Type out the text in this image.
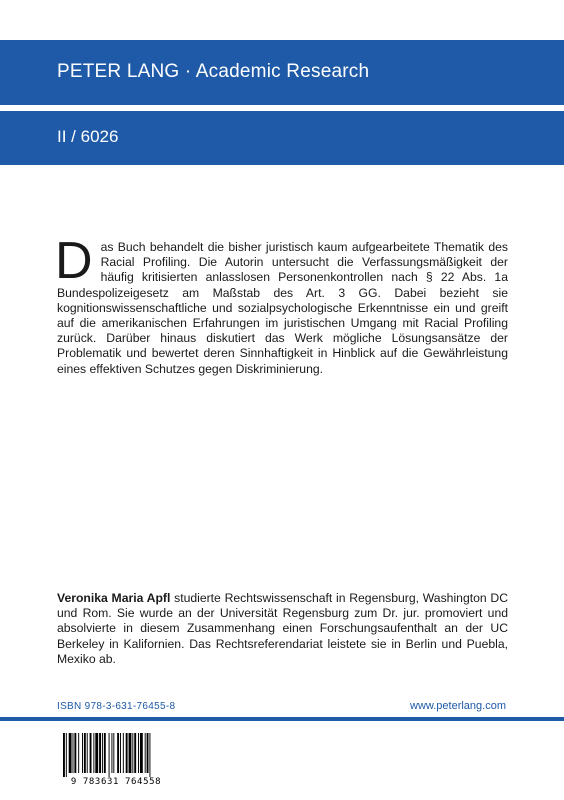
PETER LANG · Academic Research
II / 6026
Das Buch behandelt die bisher juristisch kaum aufgearbeitete Thematik des Racial Profiling. Die Autorin untersucht die Verfassungsmäßigkeit der häufig kritisierten anlasslosen Personenkontrollen nach § 22 Abs. 1a Bundespolizeigesetz am Maßstab des Art. 3 GG. Dabei bezieht sie kognitionswissenschaftliche und sozialpsychologische Erkenntnisse ein und greift auf die amerikanischen Erfahrungen im juristischen Umgang mit Racial Profiling zurück. Darüber hinaus diskutiert das Werk mögliche Lösungsansätze der Problematik und bewertet deren Sinnhaftigkeit in Hinblick auf die Gewährleistung eines effektiven Schutzes gegen Diskriminierung.
Veronika Maria Apfl studierte Rechtswissenschaft in Regensburg, Washington DC und Rom. Sie wurde an der Universität Regensburg zum Dr. jur. promoviert und absolvierte in diesem Zusammenhang einen Forschungsaufenthalt an der UC Berkeley in Kalifornien. Das Rechtsreferendariat leistete sie in Berlin und Puebla, Mexiko ab.
ISBN 978-3-631-76455-8	www.peterlang.com
9 783631 764558
